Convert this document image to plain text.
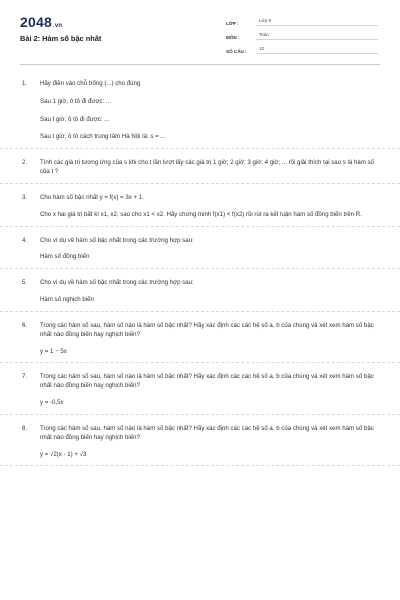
2048.vn
Bài 2: Hàm số bậc nhất
LỚP :
Lớp 9
MÔN :
Toán
SỐ CÂU :
12
1. Hãy điền vào chỗ trống (...) cho đúng

Sau 1 giờ, ô tô đi được: ...
Sau t giờ, ô tô đi được: ...
Sau t giờ, ô tô cách trung tâm Hà Nội là: s = ...
2. Tính các giá trị tương ứng của s khi cho t lần lượt lấy các giá trị 1 giờ; 2 giờ; 3 giờ; 4 giờ; ... rồi giải thích tại sao s là hàm số của t ?

3. Cho hàm số bậc nhất y = f(x) = 3x + 1.

Cho x hai giá trị bất kì x1, x2, sao cho x1 < x2. Hãy chứng minh f(x1) < f(x2) rồi rút ra kết luận hàm số đồng biến trên R.
4. Cho ví dụ về hàm số bậc nhất trong các trường hợp sau:

Hàm số đồng biến
5. Cho ví dụ về hàm số bậc nhất trong các trường hợp sau:

Hàm số nghịch biến
6. Trong các hàm số sau, hàm số nào là hàm số bậc nhất? Hãy xác định các các hệ số a, b của chúng và xét xem hàm số bậc nhất nào đồng biến hay nghịch biến?

y = 1 − 5x
7. Trong các hàm số sau, hàm số nào là hàm số bậc nhất? Hãy xác định các các hệ số a, b của chúng và xét xem hàm số bậc nhất nào đồng biến hay nghịch biến?

y = -0,5x
8. Trong các hàm số sau, hàm số nào là hàm số bậc nhất? Hãy xác định các các hệ số a, b của chúng và xét xem hàm số bậc nhất nào đồng biến hay nghịch biến?

y = √2(x - 1) + √3
